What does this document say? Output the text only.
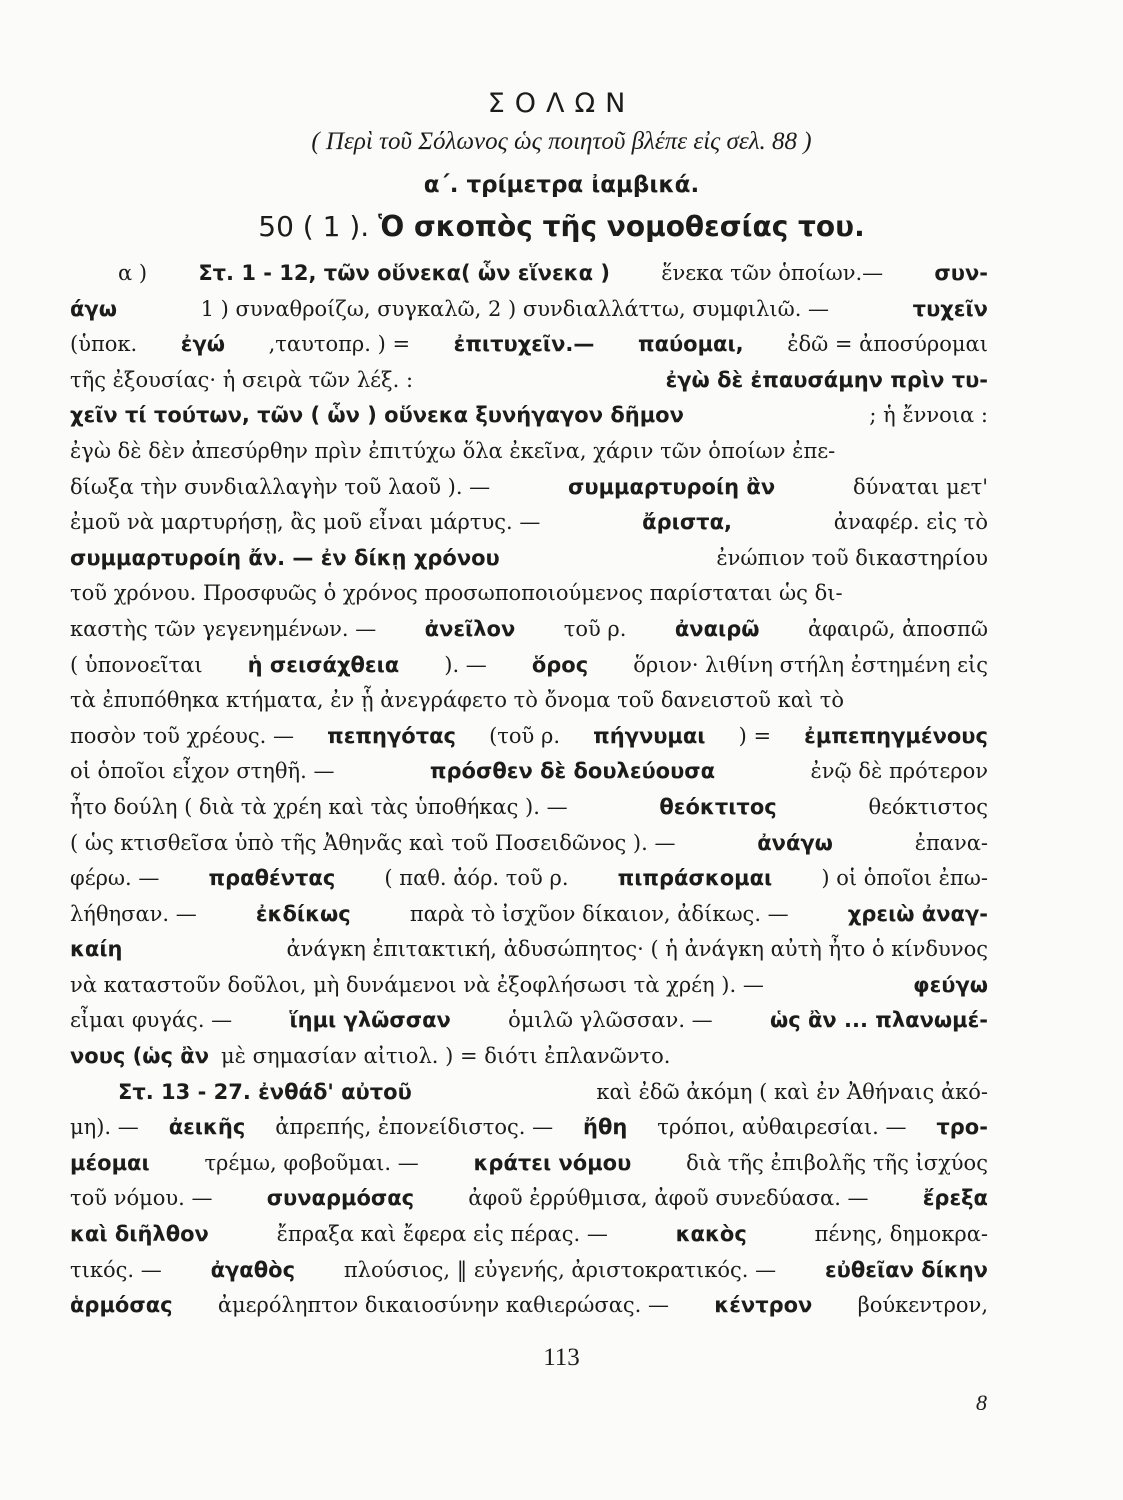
ΣΟΛΩΝ
( Περὶ τοῦ Σόλωνος ὡς ποιητοῦ βλέπε εἰς σελ. 88 )
α΄. τρίμετρα ἰαμβικά.
50 ( 1 ). Ὁ σκοπὸς τῆς νομοθεσίας του.
α ) Στ. 1 - 12, τῶν οὕνεκα( ὧν εἵνεκα ) ἕνεκα τῶν ὁποίων.— συν-
άγω	1 ) συναθροίζω, συγκαλῶ, 2 ) συνδιαλλάττω, συμφιλιῶ. —	τυχεῖν
(ὑποκ. ἐγώ ,ταυτοπρ. ) = ἐπιτυχεῖν.— παύομαι, ἐδῶ = ἀποσύρομαι
τῆς ἐξουσίας· ἡ σειρὰ τῶν λέξ. :	ἐγὼ δὲ ἐπαυσάμην πρὶν τυ-
χεῖν τί τούτων, τῶν ( ὧν ) οὕνεκα ξυνήγαγον δῆμον	; ἡ ἔννοια :
ἐγὼ δὲ δὲν ἀπεσύρθην πρὶν ἐπιτύχω ὅλα ἐκεῖνα, χάριν τῶν ὁποίων ἐπε-
δίωξα τὴν συνδιαλλαγὴν τοῦ λαοῦ ). —	συμμαρτυροίη ἂν	δύναται μετ'
ἐμοῦ νὰ μαρτυρήσῃ, ἂς μοῦ εἶναι μάρτυς. —	ἄριστα,	ἀναφέρ. εἰς τὸ
συμμαρτυροίη ἄν. — ἐν δίκῃ χρόνου	ἐνώπιον τοῦ δικαστηρίου
τοῦ χρόνου. Προσφυῶς ὁ χρόνος προσωποποιούμενος παρίσταται ὡς δι-
καστὴς τῶν γεγενημένων. — ἀνεῖλον τοῦ ρ. ἀναιρῶ ἀφαιρῶ, ἀποσπῶ
( ὑπονοεῖται ἡ σεισάχθεια ). — ὅρος ὅριον· λιθίνη στήλη ἐστημένη εἰς
τὰ ἐπυπόθηκα κτήματα, ἐν ᾗ ἀνεγράφετο τὸ ὄνομα τοῦ δανειστοῦ καὶ τὸ
ποσὸν τοῦ χρέους. — πεπηγότας (τοῦ ρ. πήγνυμαι ) = ἐμπεπηγμένους
οἱ ὁποῖοι εἶχον στηθῆ. —	πρόσθεν δὲ δουλεύουσα	ἐνῷ δὲ πρότερον
ἦτο δούλη ( διὰ τὰ χρέη καὶ τὰς ὑποθήκας ). —	θεόκτιτος	θεόκτιστος
( ὡς κτισθεῖσα ὑπὸ τῆς Ἀθηνᾶς καὶ τοῦ Ποσειδῶνος ). —	ἀνάγω	ἐπανα-
φέρω. — πραθέντας ( παθ. ἀόρ. τοῦ ρ. πιπράσκομαι ) οἱ ὁποῖοι ἐπω-
λήθησαν. —	ἐκδίκως	παρὰ τὸ ἰσχῦον δίκαιον, ἀδίκως. —	χρειὼ ἀναγ-
καίη	ἀνάγκη ἐπιτακτική, ἀδυσώπητος· ( ἡ ἀνάγκη αὐτὴ ἦτο ὁ κίνδυνος
νὰ καταστοῦν δοῦλοι, μὴ δυνάμενοι νὰ ἐξοφλήσωσι τὰ χρέη ). —	φεύγω
εἶμαι φυγάς. —	ἵημι γλῶσσαν	ὁμιλῶ γλῶσσαν. —	ὡς ἂν ... πλανωμέ-
νους (ὡς ἂν μὲ σημασίαν αἰτιολ. ) = διότι ἐπλανῶντο.
Στ. 13 - 27. ἐνθάδ' αὐτοῦ	καὶ ἐδῶ ἀκόμη ( καὶ ἐν Ἀθήναις ἀκό-
μη). — ἀεικῆς ἀπρεπής, ἐπονείδιστος. — ἤθη τρόποι, αὐθαιρεσίαι. — τρο-
μέομαι	τρέμω, φοβοῦμαι. —	κράτει νόμου	διὰ τῆς ἐπιβολῆς τῆς ἰσχύος
τοῦ νόμου. —	συναρμόσας	ἀφοῦ ἐρρύθμισα, ἀφοῦ συνεδύασα. —	ἔρεξα
καὶ διῆλθον	ἔπραξα καὶ ἔφερα εἰς πέρας. —	κακὸς	πένης, δημοκρα-
τικός. — ἀγαθὸς πλούσιος, ‖ εὐγενής, ἀριστοκρατικός. — εὐθεῖαν δίκην
ἁρμόσας ἀμερόληπτον δικαιοσύνην καθιερώσας. — κέντρον βούκεντρον,
113
8
